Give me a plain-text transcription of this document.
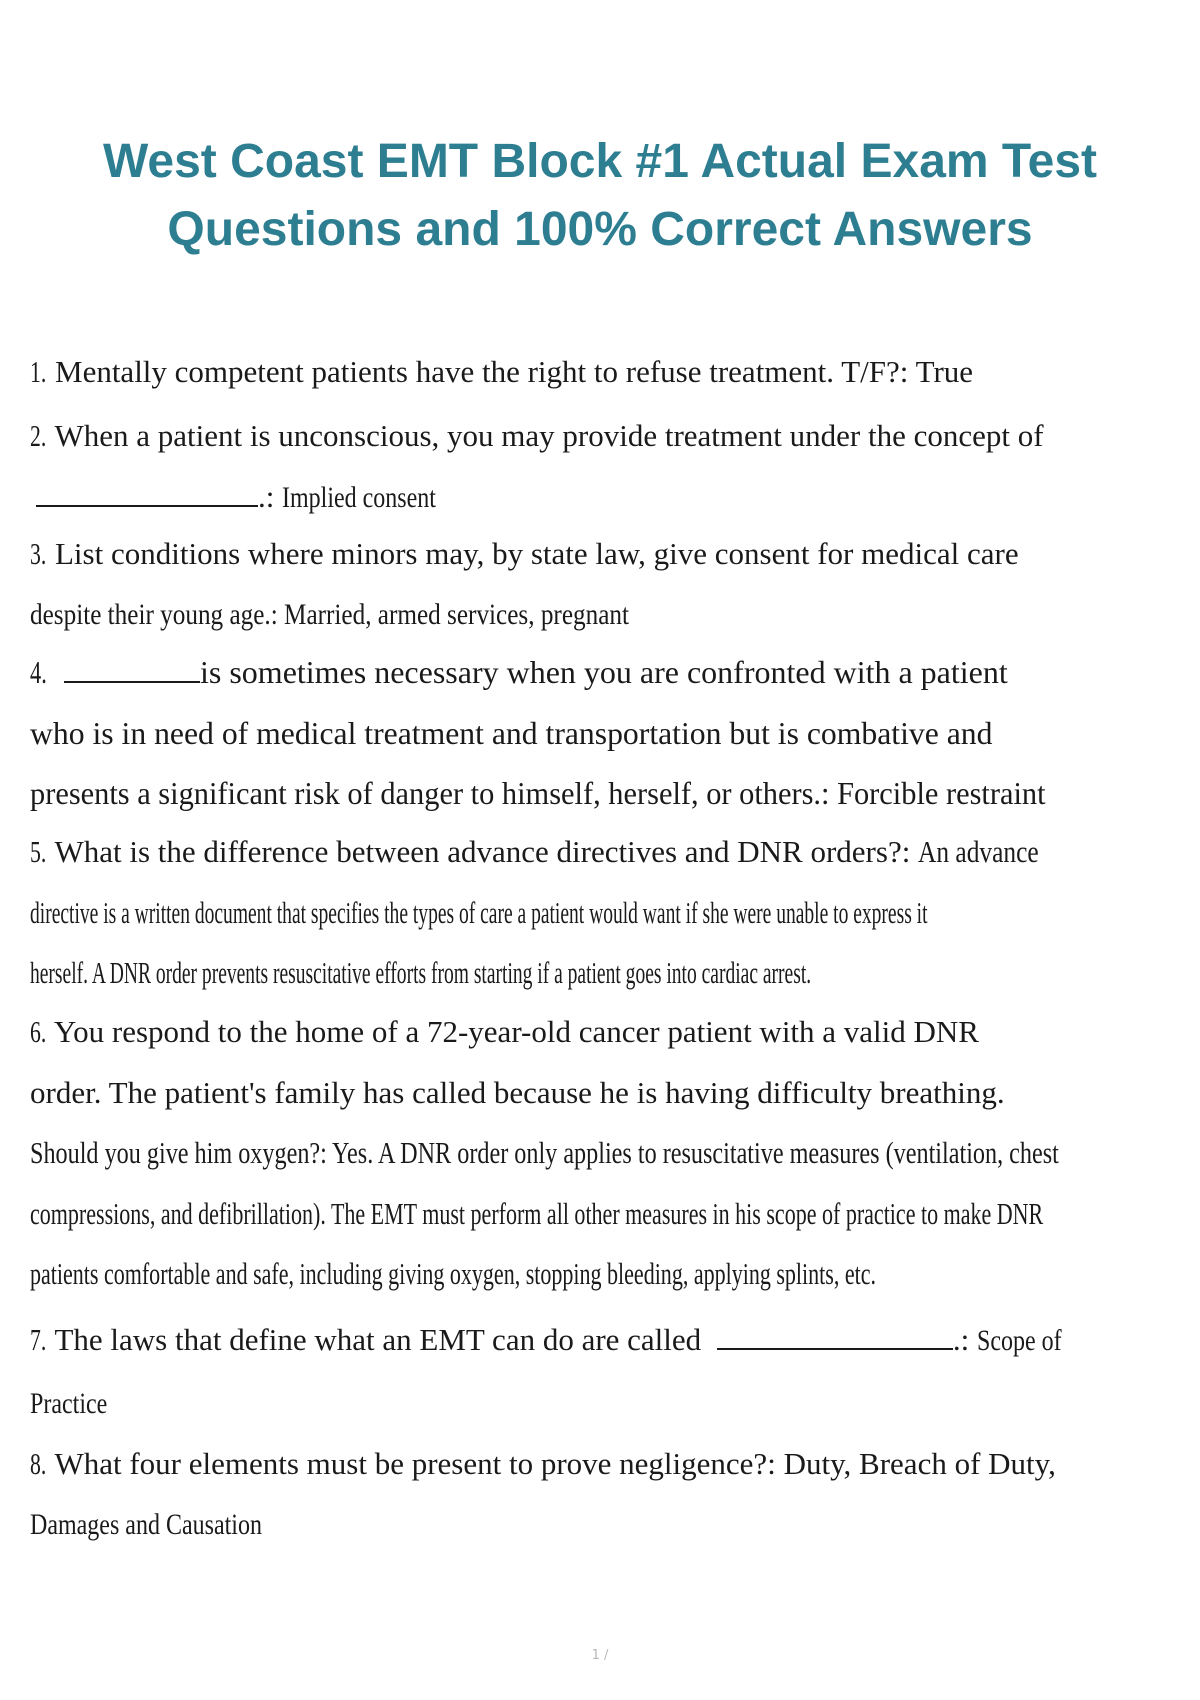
West Coast EMT Block #1 Actual Exam Test
Questions and 100% Correct Answers
1. Mentally competent patients have the right to refuse treatment. T/F?: True
2. When a patient is unconscious, you may provide treatment under the concept of
.: Implied consent
3. List conditions where minors may, by state law, give consent for medical care
despite their young age.: Married, armed services, pregnant
4.	is sometimes necessary when you are confronted with a patient
who is in need of medical treatment and transportation but is combative and
presents a significant risk of danger to himself, herself, or others.: Forcible restraint
5. What is the difference between advance directives and DNR orders?: An advance
directive is a written document that specifies the types of care a patient would want if she were unable to express it
herself. A DNR order prevents resuscitative efforts from starting if a patient goes into cardiac arrest.
6. You respond to the home of a 72-year-old cancer patient with a valid DNR
order. The patient's family has called because he is having difficulty breathing.
Should you give him oxygen?: Yes. A DNR order only applies to resuscitative measures (ventilation, chest
compressions, and defibrillation). The EMT must perform all other measures in his scope of practice to make DNR
patients comfortable and safe, including giving oxygen, stopping bleeding, applying splints, etc.
7. The laws that define what an EMT can do are called	.: Scope of
Practice
8. What four elements must be present to prove negligence?: Duty, Breach of Duty,
Damages and Causation
1 /
